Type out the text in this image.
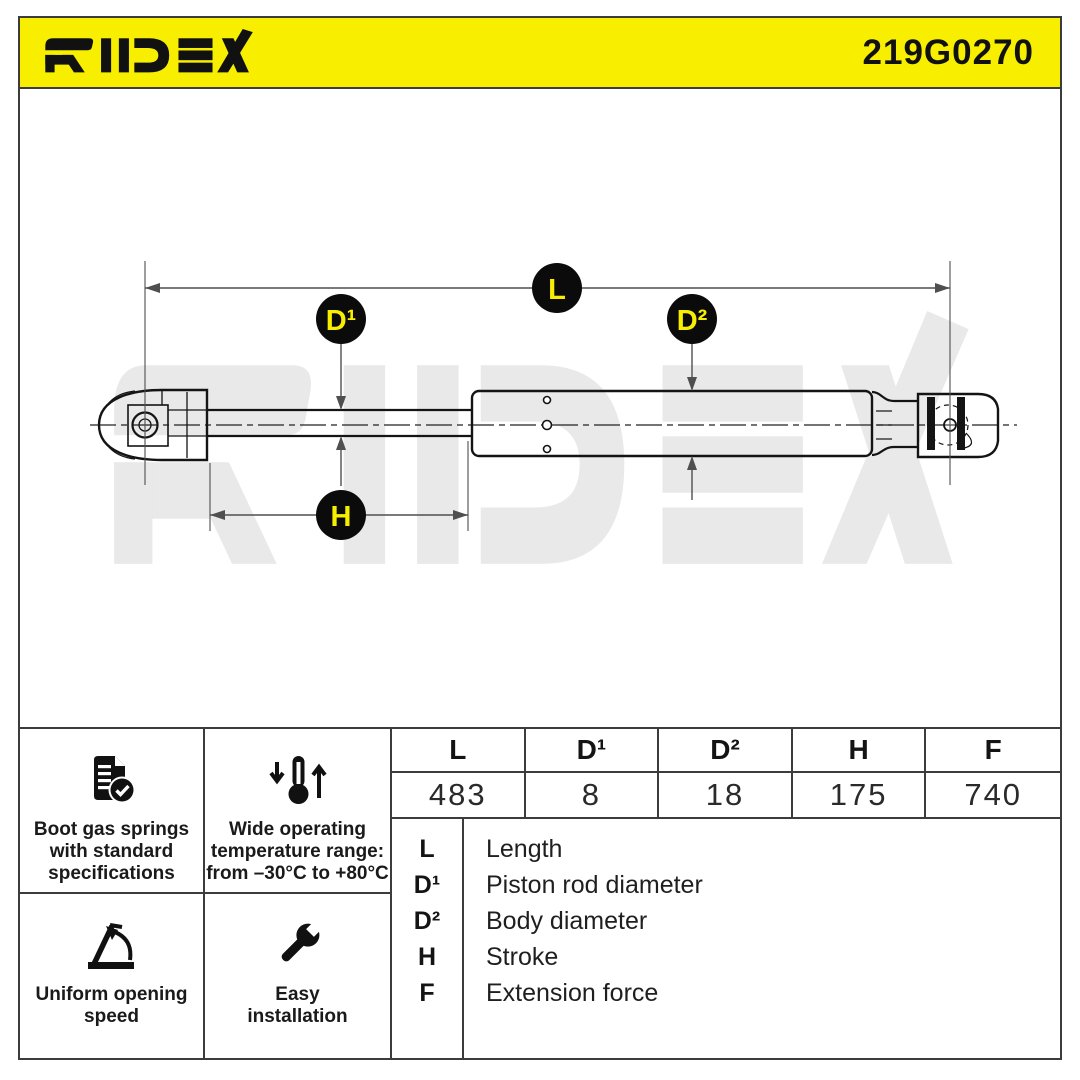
219G0270
L
D¹	D²
H
Boot gas springs
with standard
specifications
Wide operating
temperature range:
from –30°C to +80°C
Uniform opening
speed
Easy
installation
L	D¹	D²	H	F
483	8	18	175	740
L	Length
D¹	Piston rod diameter
D²	Body diameter
H	Stroke
F	Extension force
